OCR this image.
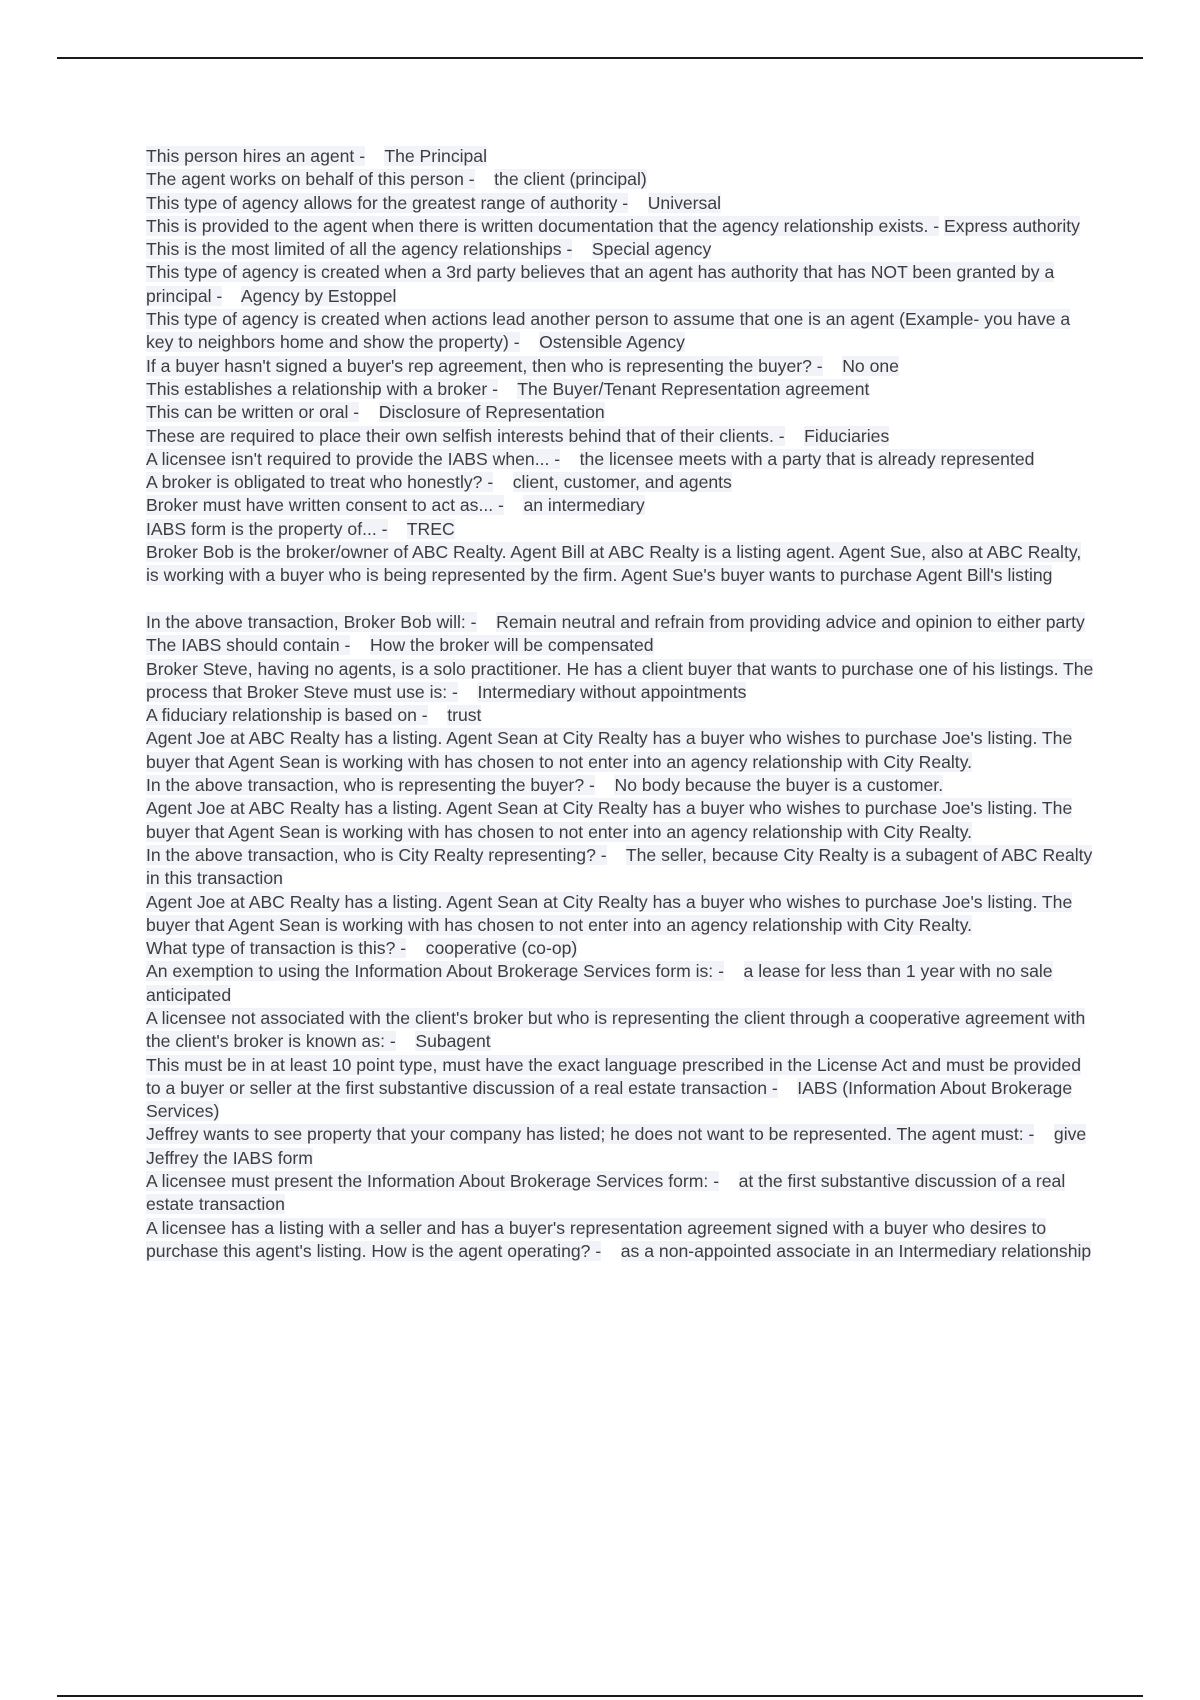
This person hires an agent - The Principal

The agent works on behalf of this person - the client (principal)

This type of agency allows for the greatest range of authority - Universal

This is provided to the agent when there is written documentation that the agency relationship exists. - Express authority

This is the most limited of all the agency relationships - Special agency

This type of agency is created when a 3rd party believes that an agent has authority that has NOT been granted by a principal - Agency by Estoppel

This type of agency is created when actions lead another person to assume that one is an agent (Example- you have a key to neighbors home and show the property) - Ostensible Agency

If a buyer hasn't signed a buyer's rep agreement, then who is representing the buyer? - No one

This establishes a relationship with a broker - The Buyer/Tenant Representation agreement

This can be written or oral - Disclosure of Representation

These are required to place their own selfish interests behind that of their clients. - Fiduciaries

A licensee isn't required to provide the IABS when... - the licensee meets with a party that is already represented

A broker is obligated to treat who honestly? - client, customer, and agents

Broker must have written consent to act as... - an intermediary

IABS form is the property of... - TREC

Broker Bob is the broker/owner of ABC Realty. Agent Bill at ABC Realty is a listing agent. Agent Sue, also at ABC Realty, is working with a buyer who is being represented by the firm. Agent Sue's buyer wants to purchase Agent Bill's listing

In the above transaction, Broker Bob will: - Remain neutral and refrain from providing advice and opinion to either party

The IABS should contain - How the broker will be compensated

Broker Steve, having no agents, is a solo practitioner. He has a client buyer that wants to purchase one of his listings. The process that Broker Steve must use is: - Intermediary without appointments

A fiduciary relationship is based on - trust

Agent Joe at ABC Realty has a listing. Agent Sean at City Realty has a buyer who wishes to purchase Joe's listing. The buyer that Agent Sean is working with has chosen to not enter into an agency relationship with City Realty.

In the above transaction, who is representing the buyer? - No body because the buyer is a customer.

Agent Joe at ABC Realty has a listing. Agent Sean at City Realty has a buyer who wishes to purchase Joe's listing. The buyer that Agent Sean is working with has chosen to not enter into an agency relationship with City Realty.

In the above transaction, who is City Realty representing? - The seller, because City Realty is a subagent of ABC Realty in this transaction

Agent Joe at ABC Realty has a listing. Agent Sean at City Realty has a buyer who wishes to purchase Joe's listing. The buyer that Agent Sean is working with has chosen to not enter into an agency relationship with City Realty.

What type of transaction is this? - cooperative (co-op)

An exemption to using the Information About Brokerage Services form is: - a lease for less than 1 year with no sale anticipated

A licensee not associated with the client's broker but who is representing the client through a cooperative agreement with the client's broker is known as: - Subagent

This must be in at least 10 point type, must have the exact language prescribed in the License Act and must be provided to a buyer or seller at the first substantive discussion of a real estate transaction - IABS (Information About Brokerage Services)

Jeffrey wants to see property that your company has listed; he does not want to be represented. The agent must: - give Jeffrey the IABS form

A licensee must present the Information About Brokerage Services form: - at the first substantive discussion of a real estate transaction

A licensee has a listing with a seller and has a buyer's representation agreement signed with a buyer who desires to purchase this agent's listing. How is the agent operating? - as a non-appointed associate in an Intermediary relationship
